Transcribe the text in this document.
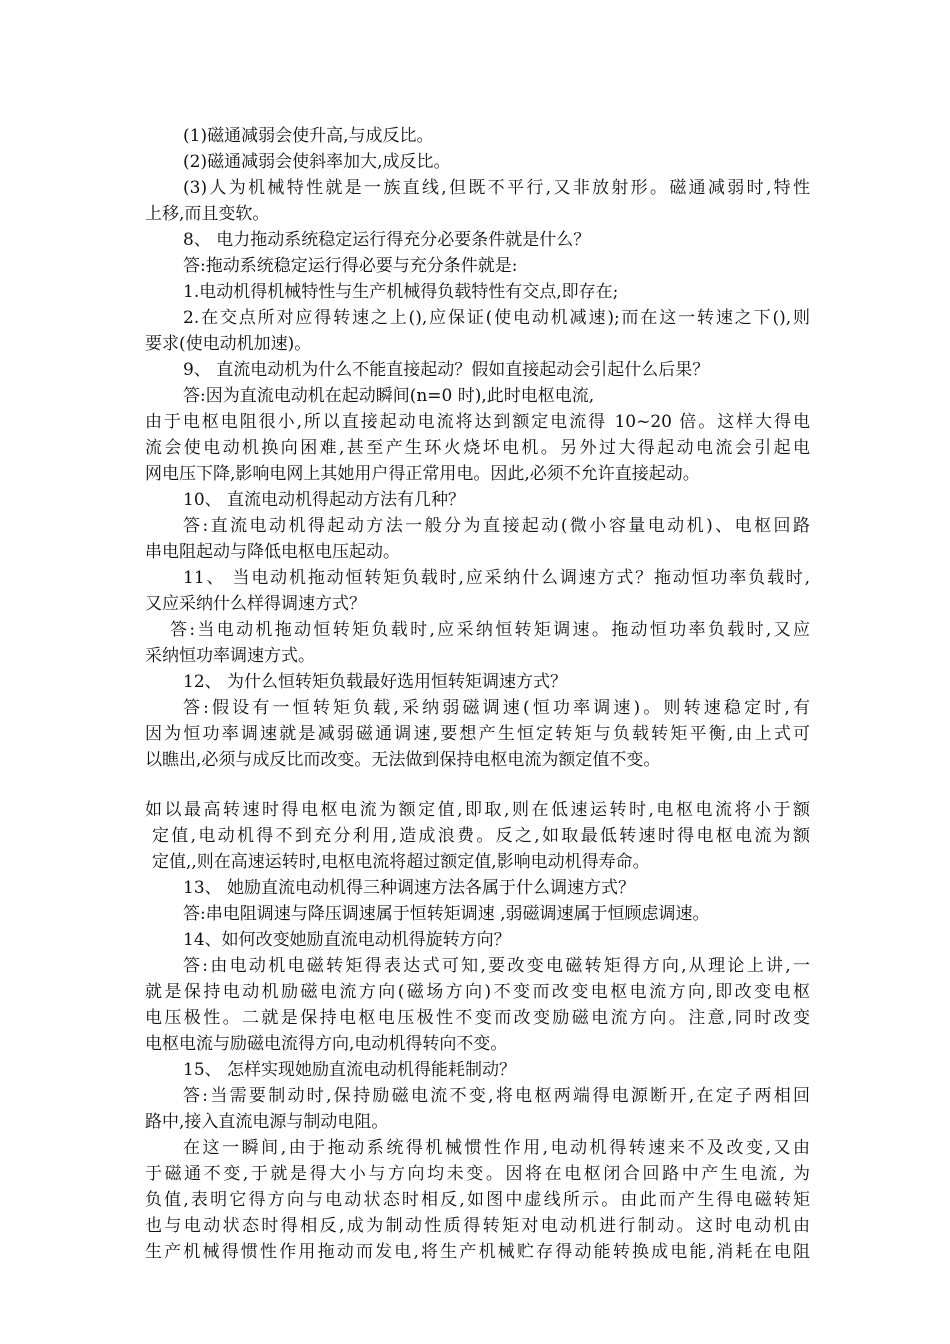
(1)磁通减弱会使升高,与成反比。
(2)磁通减弱会使斜率加大,成反比。
(3)人为机械特性就是一族直线,但既不平行,又非放射形。磁通减弱时,特性
上移,而且变软。
8、 电力拖动系统稳定运行得充分必要条件就是什么？
答:拖动系统稳定运行得必要与充分条件就是:
1.电动机得机械特性与生产机械得负载特性有交点,即存在;
2.在交点所对应得转速之上(),应保证(使电动机减速);而在这一转速之下(),则
要求(使电动机加速)。
9、 直流电动机为什么不能直接起动？假如直接起动会引起什么后果？
答:因为直流电动机在起动瞬间(n=0 时),此时电枢电流,
由于电枢电阻很小,所以直接起动电流将达到额定电流得 10~20 倍。这样大得电
流会使电动机换向困难,甚至产生环火烧坏电机。另外过大得起动电流会引起电
网电压下降,影响电网上其她用户得正常用电。因此,必须不允许直接起动。
10、 直流电动机得起动方法有几种？
答:直流电动机得起动方法一般分为直接起动(微小容量电动机)、电枢回路
串电阻起动与降低电枢电压起动。
11、 当电动机拖动恒转矩负载时,应采纳什么调速方式？拖动恒功率负载时,
又应采纳什么样得调速方式？
答:当电动机拖动恒转矩负载时,应采纳恒转矩调速。拖动恒功率负载时,又应
采纳恒功率调速方式。
12、 为什么恒转矩负载最好选用恒转矩调速方式？
答:假设有一恒转矩负载,采纳弱磁调速(恒功率调速)。则转速稳定时,有
因为恒功率调速就是减弱磁通调速,要想产生恒定转矩与负载转矩平衡,由上式可
以瞧出,必须与成反比而改变。无法做到保持电枢电流为额定值不变。
如以最高转速时得电枢电流为额定值,即取,则在低速运转时,电枢电流将小于额
定值,电动机得不到充分利用,造成浪费。反之,如取最低转速时得电枢电流为额
定值,,则在高速运转时,电枢电流将超过额定值,影响电动机得寿命。
13、 她励直流电动机得三种调速方法各属于什么调速方式？
答:串电阻调速与降压调速属于恒转矩调速 ,弱磁调速属于恒顾虑调速。
14、如何改变她励直流电动机得旋转方向？
答:由电动机电磁转矩得表达式可知,要改变电磁转矩得方向,从理论上讲,一
就是保持电动机励磁电流方向(磁场方向)不变而改变电枢电流方向,即改变电枢
电压极性。二就是保持电枢电压极性不变而改变励磁电流方向。注意,同时改变
电枢电流与励磁电流得方向,电动机得转向不变。
15、 怎样实现她励直流电动机得能耗制动？
答:当需要制动时,保持励磁电流不变,将电枢两端得电源断开,在定子两相回
路中,接入直流电源与制动电阻。
在这一瞬间,由于拖动系统得机械惯性作用,电动机得转速来不及改变,又由
于磁通不变,于就是得大小与方向均未变。因将在电枢闭合回路中产生电流, 为
负值,表明它得方向与电动状态时相反,如图中虚线所示。由此而产生得电磁转矩
也与电动状态时得相反,成为制动性质得转矩对电动机进行制动。这时电动机由
生产机械得惯性作用拖动而发电,将生产机械贮存得动能转换成电能,消耗在电阻
